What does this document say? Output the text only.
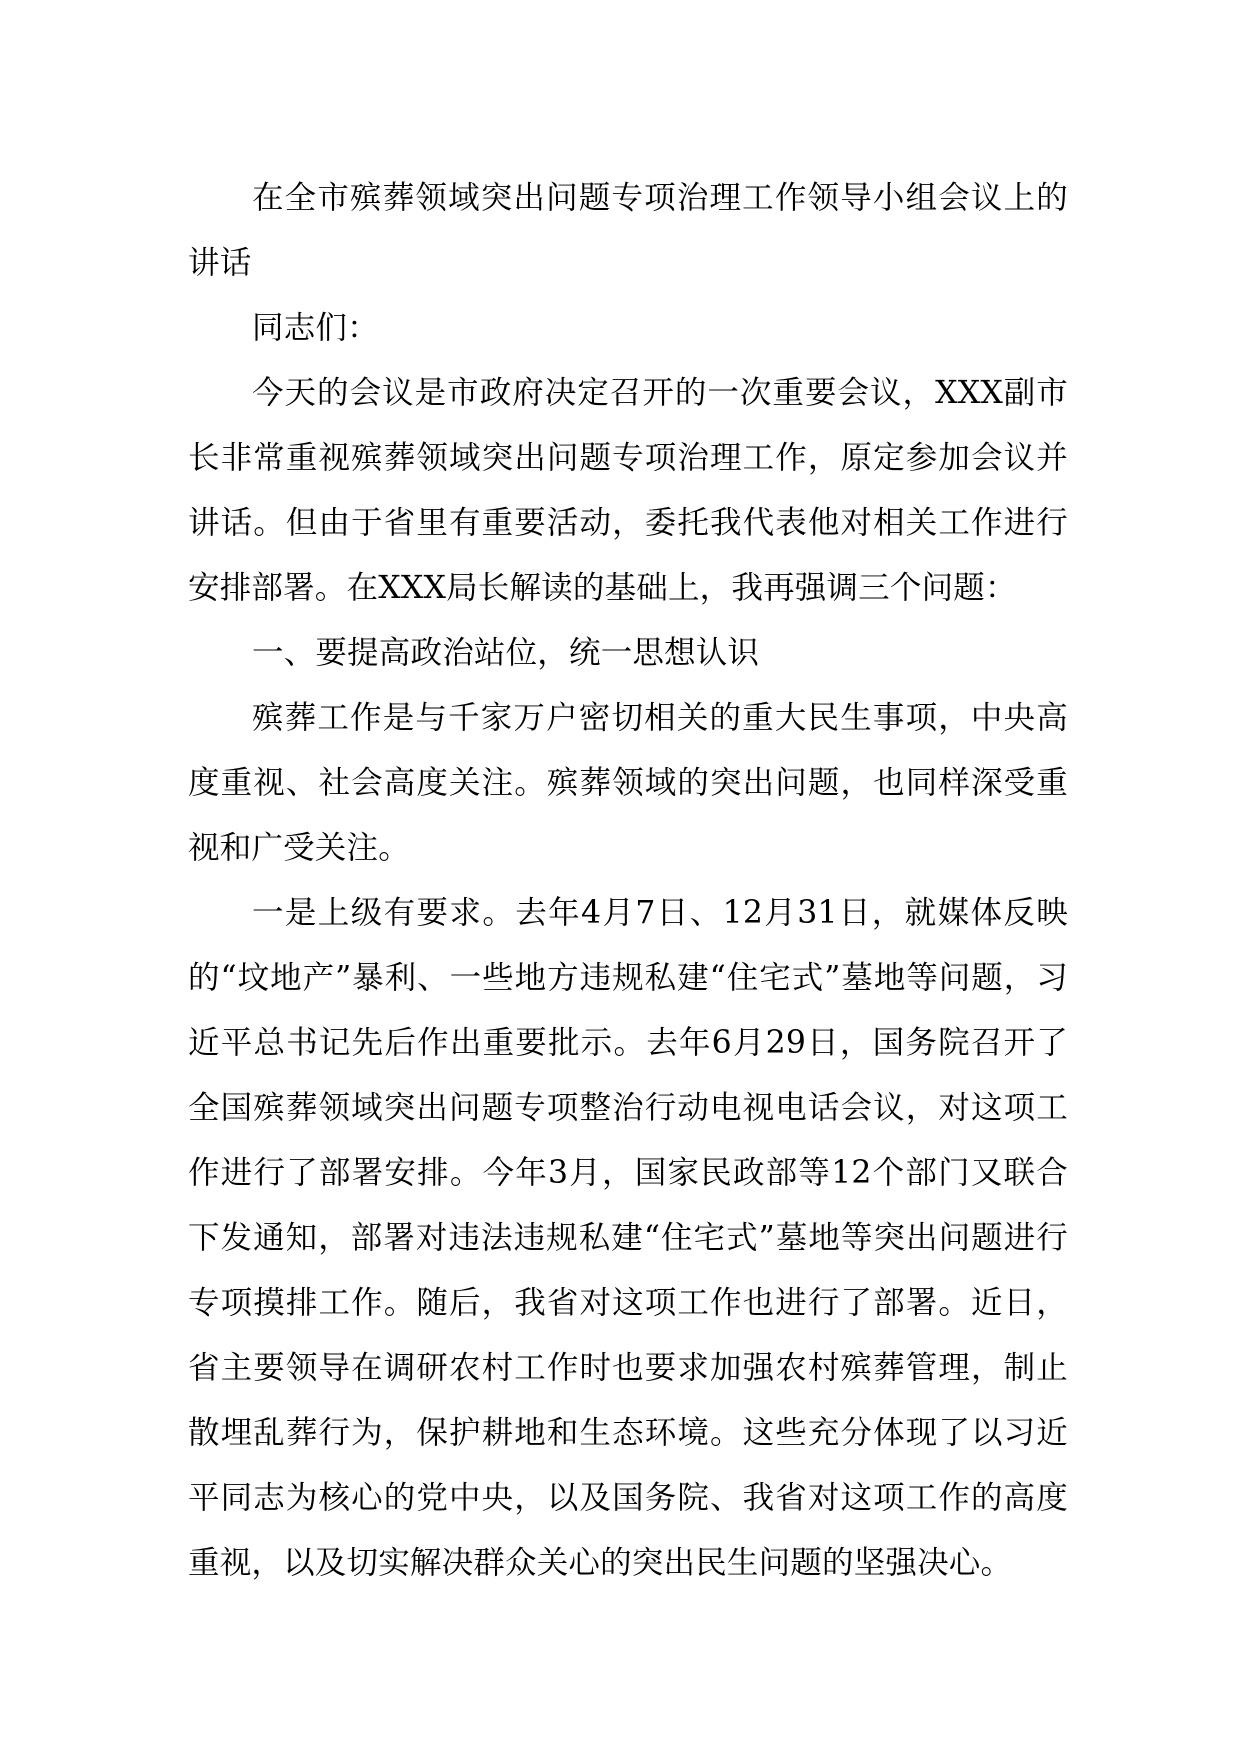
在全市殡葬领域突出问题专项治理工作领导小组会议上的讲话

同志们：

今天的会议是市政府决定召开的一次重要会议，XXX副市长非常重视殡葬领域突出问题专项治理工作，原定参加会议并讲话。但由于省里有重要活动，委托我代表他对相关工作进行安排部署。在XXX局长解读的基础上，我再强调三个问题：

一、要提高政治站位，统一思想认识

殡葬工作是与千家万户密切相关的重大民生事项，中央高度重视、社会高度关注。殡葬领域的突出问题，也同样深受重视和广受关注。

一是上级有要求。去年4月7日、12月31日，就媒体反映的“坟地产”暴利、一些地方违规私建“住宅式”墓地等问题，习近平总书记先后作出重要批示。去年6月29日，国务院召开了全国殡葬领域突出问题专项整治行动电视电话会议，对这项工作进行了部署安排。今年3月，国家民政部等12个部门又联合下发通知，部署对违法违规私建“住宅式”墓地等突出问题进行专项摸排工作。随后，我省对这项工作也进行了部署。近日，省主要领导在调研农村工作时也要求加强农村殡葬管理，制止散埋乱葬行为，保护耕地和生态环境。这些充分体现了以习近平同志为核心的党中央，以及国务院、我省对这项工作的高度重视，以及切实解决群众关心的突出民生问题的坚强决心。
